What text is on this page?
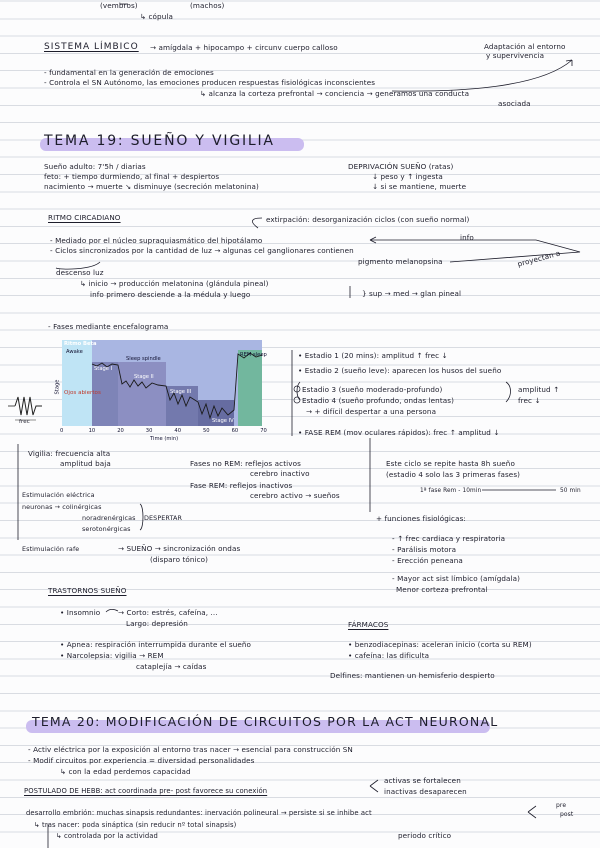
(vembros)	(machos)
↳ cópula
SISTEMA LÍMBICO → amígdala + hipocampo + circunv cuerpo calloso	Adaptación al entorno
y supervivencia
- fundamental en la generación de emociones
- Controla el SN Autónomo, las emociones producen respuestas fisiológicas inconscientes
↳ alcanza la corteza prefrontal → conciencia → generamos una conducta
asociada
TEMA 19: SUEÑO Y VIGILIA
Sueño adulto: 7'5h / diarias
feto: + tiempo durmiendo, al final + despiertos
nacimiento → muerte ↘ disminuye (secreción melatonina)
DEPRIVACIÓN SUEÑO (ratas)
↓ peso y ↑ ingesta
↓ si se mantiene, muerte
RITMO CIRCADIANO	extirpación: desorganización ciclos (con sueño normal)
- Mediado por el núcleo supraquiasmático del hipotálamo	info
- Ciclos sincronizados por la cantidad de luz → algunas cel ganglionares contienen
pigmento melanopsina	proyectan a
descenso luz
↳ inicio → producción melatonina (glándula pineal)
info primero desciende a la médula y luego	} sup → med → glan pineal
- Fases mediante encefalograma
Ritmo Beta
Awake
Ojos abiertos
Stage I
Sleep spindle
Stage II
Stage III
Stage IV
REM sleep
Stage
0	10	20	30	40	50	60	70
Time (min)
frec
• Estadio 1 (20 mins): amplitud ↑ frec ↓
• Estadio 2 (sueño leve): aparecen los husos del sueño
Estadio 3 (sueño moderado-profundo)
Estadio 4 (sueño profundo, ondas lentas)
amplitud ↑
frec ↓
→ + difícil despertar a una persona
• FASE REM (mov oculares rápidos): frec ↑ amplitud ↓
Vigilia: frecuencia alta
amplitud baja	Fases no REM: reflejos activos
cerebro inactivo
Fase REM: reflejos inactivos
cerebro activo → sueños
Este ciclo se repite hasta 8h sueño
(estadio 4 solo las 3 primeras fases)
1ª fase Rem - 10min	50 min
Estimulación eléctrica
neuronas → colinérgicas
noradrenérgicas
serotonérgicas
DESPERTAR
Estimulación rafe	→ SUEÑO → sincronización ondas
(disparo tónico)
+ funciones fisiológicas:
- ↑ frec cardiaca y respiratoria
- Parálisis motora
- Erección peneana
- Mayor act sist límbico (amígdala)
Menor corteza prefrontal
TRASTORNOS SUEÑO
• Insomnio → Corto: estrés, cafeína, ...
Largo: depresión
• Apnea: respiración interrumpida durante el sueño
• Narcolepsia: vigilia → REM
cataplejía → caídas
FÁRMACOS
• benzodiacepinas: aceleran inicio (corta su REM)
• cafeína: las dificulta
Delfines: mantienen un hemisferio despierto
TEMA 20: MODIFICACIÓN DE CIRCUITOS POR LA ACT NEURONAL
- Activ eléctrica por la exposición al entorno tras nacer → esencial para construcción SN
- Modif circuitos por experiencia = diversidad personalidades
↳ con la edad perdemos capacidad
POSTULADO DE HEBB: act coordinada pre- post favorece su conexión
activas se fortalecen
inactivas desaparecen
desarrollo embrión: muchas sinapsis redundantes: inervación polineural → persiste si se inhibe act
pre
post
↳ tras nacer: poda sináptica (sin reducir nº total sinapsis)
↳ controlada por la actividad	periodo crítico
